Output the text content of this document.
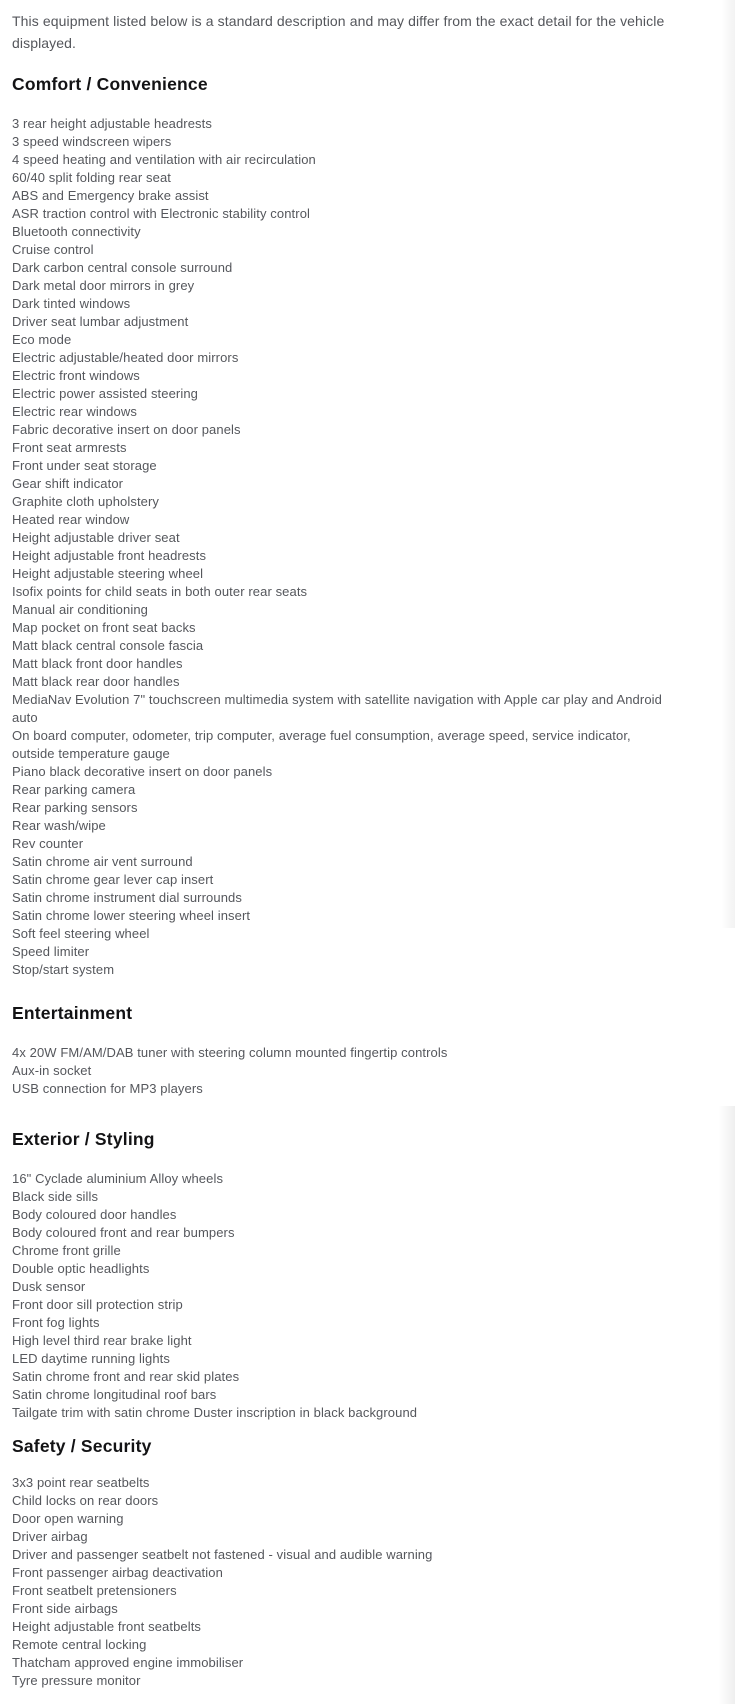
This equipment listed below is a standard description and may differ from the exact detail for the vehicle displayed.

Comfort / Convenience
3 rear height adjustable headrests
3 speed windscreen wipers
4 speed heating and ventilation with air recirculation
60/40 split folding rear seat
ABS and Emergency brake assist
ASR traction control with Electronic stability control
Bluetooth connectivity
Cruise control
Dark carbon central console surround
Dark metal door mirrors in grey
Dark tinted windows
Driver seat lumbar adjustment
Eco mode
Electric adjustable/heated door mirrors
Electric front windows
Electric power assisted steering
Electric rear windows
Fabric decorative insert on door panels
Front seat armrests
Front under seat storage
Gear shift indicator
Graphite cloth upholstery
Heated rear window
Height adjustable driver seat
Height adjustable front headrests
Height adjustable steering wheel
Isofix points for child seats in both outer rear seats
Manual air conditioning
Map pocket on front seat backs
Matt black central console fascia
Matt black front door handles
Matt black rear door handles
MediaNav Evolution 7" touchscreen multimedia system with satellite navigation with Apple car play and Android auto
On board computer, odometer, trip computer, average fuel consumption, average speed, service indicator, outside temperature gauge
Piano black decorative insert on door panels
Rear parking camera
Rear parking sensors
Rear wash/wipe
Rev counter
Satin chrome air vent surround
Satin chrome gear lever cap insert
Satin chrome instrument dial surrounds
Satin chrome lower steering wheel insert
Soft feel steering wheel
Speed limiter
Stop/start system
Entertainment
4x 20W FM/AM/DAB tuner with steering column mounted fingertip controls
Aux-in socket
USB connection for MP3 players
Exterior / Styling
16" Cyclade aluminium Alloy wheels
Black side sills
Body coloured door handles
Body coloured front and rear bumpers
Chrome front grille
Double optic headlights
Dusk sensor
Front door sill protection strip
Front fog lights
High level third rear brake light
LED daytime running lights
Satin chrome front and rear skid plates
Satin chrome longitudinal roof bars
Tailgate trim with satin chrome Duster inscription in black background
Safety / Security
3x3 point rear seatbelts
Child locks on rear doors
Door open warning
Driver airbag
Driver and passenger seatbelt not fastened - visual and audible warning
Front passenger airbag deactivation
Front seatbelt pretensioners
Front side airbags
Height adjustable front seatbelts
Remote central locking
Thatcham approved engine immobiliser
Tyre pressure monitor
